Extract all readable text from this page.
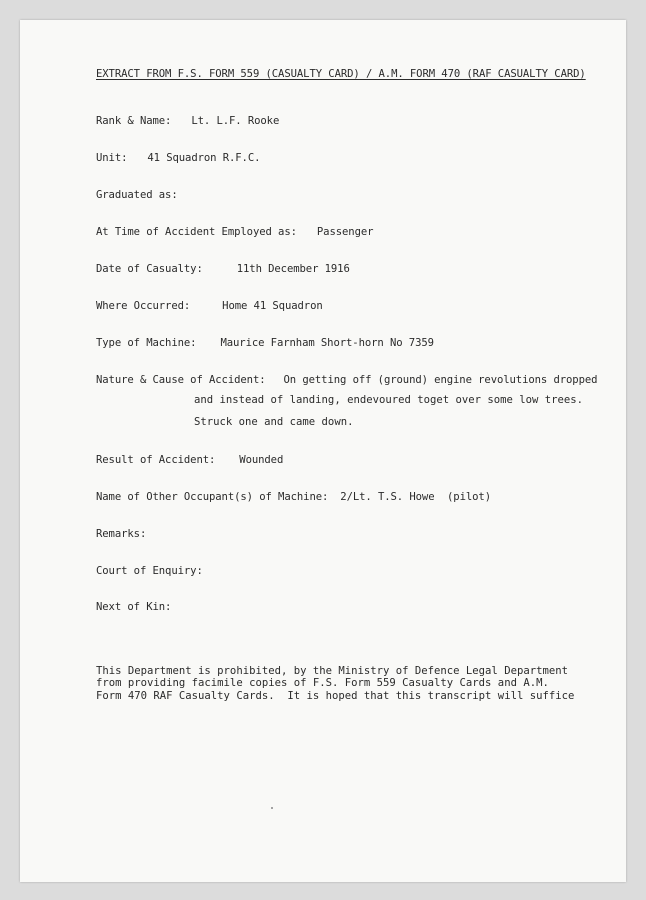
EXTRACT FROM F.S. FORM 559 (CASUALTY CARD) / A.M. FORM 470 (RAF CASUALTY CARD)
Rank & Name: Lt. L.F. Rooke
Unit: 41 Squadron R.F.C.
Graduated as:
At Time of Accident Employed as: Passenger
Date of Casualty:	11th December 1916
Where Occurred:	Home 41 Squadron
Type of Machine: Maurice Farnham Short-horn No 7359
Nature & Cause of Accident: On getting off (ground) engine revolutions dropped
and instead of landing, endevoured toget over some low trees.
Struck one and came down.
Result of Accident: Wounded
Name of Other Occupant(s) of Machine: 2/Lt. T.S. Howe  (pilot)
Remarks:
Court of Enquiry:
Next of Kin:
This Department is prohibited, by the Ministry of Defence Legal Department
from providing facimile copies of F.S. Form 559 Casualty Cards and A.M.
Form 470 RAF Casualty Cards.  It is hoped that this transcript will suffice
